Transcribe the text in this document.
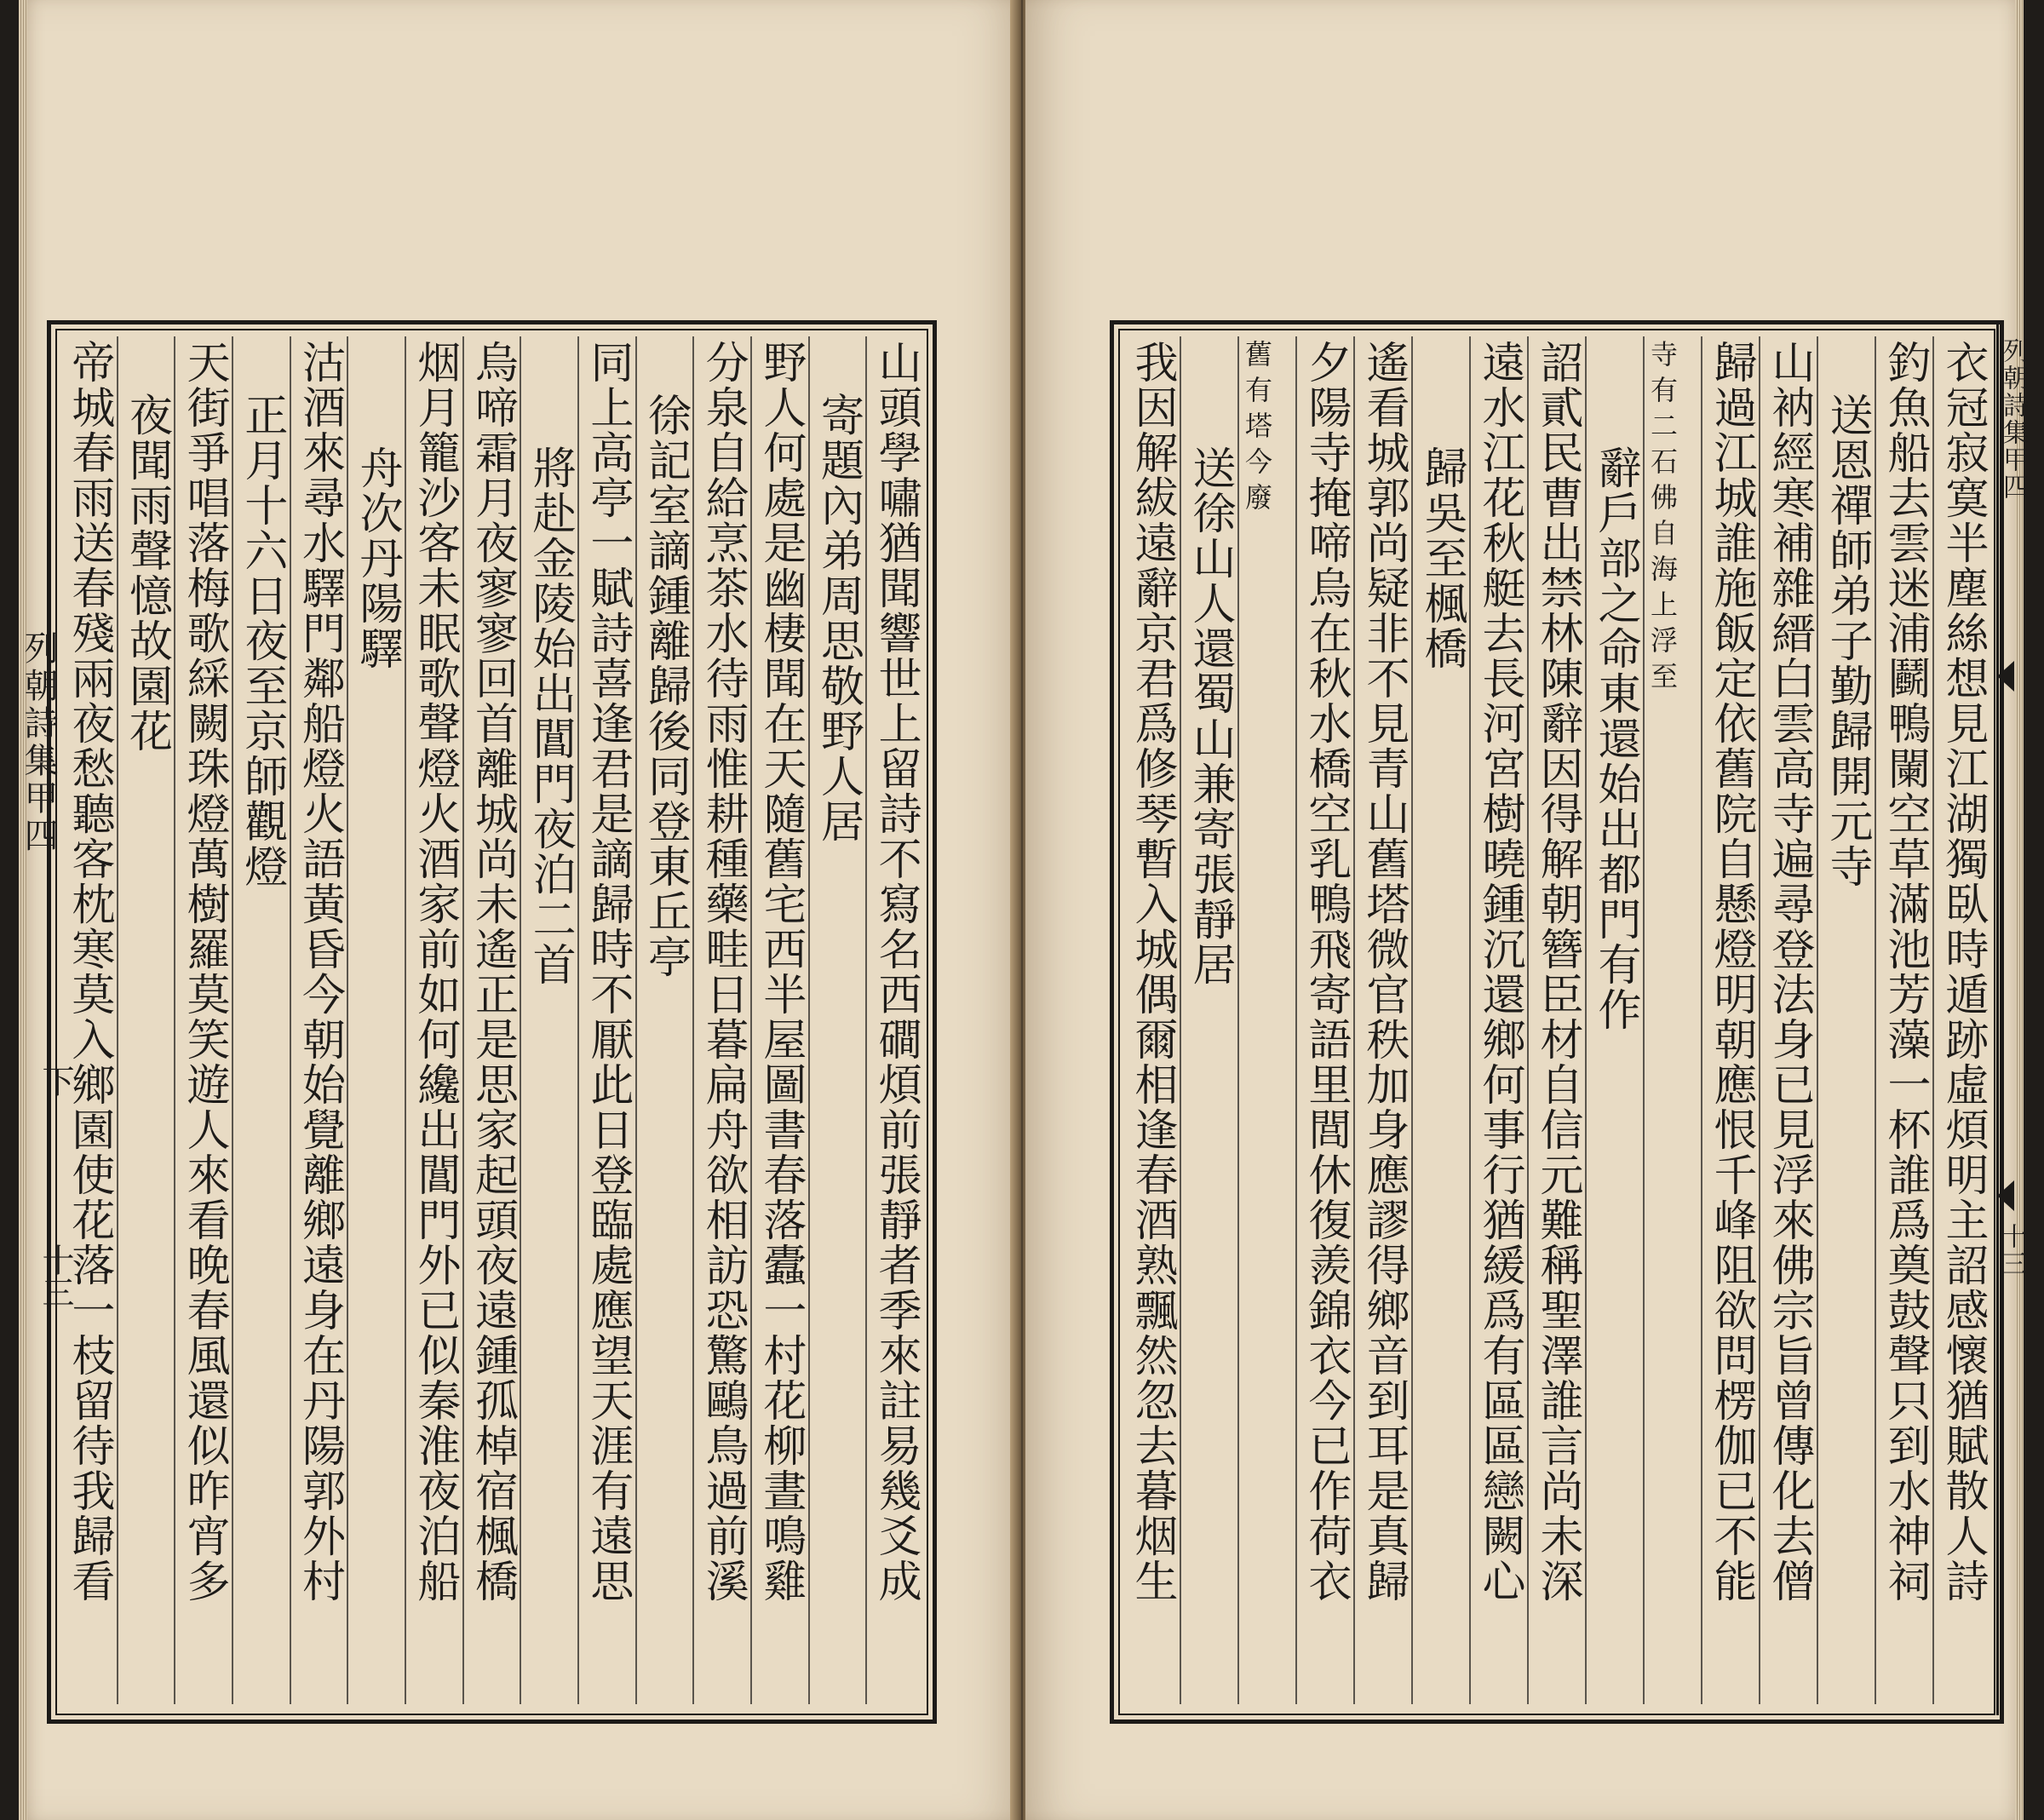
山頭學嘯猶聞響世上留詩不寫名西磵煩前張靜者季來註易幾爻成
寄題內弟周思敬野人居
野人何處是幽棲聞在天隨舊宅西半屋圖書春落蠹一村花柳晝鳴雞
分泉自給烹茶水待雨惟耕種藥畦日暮扁舟欲相訪恐驚鷗鳥過前溪
徐記室謫鍾離歸後同登東丘亭
同上高亭一賦詩喜逢君是謫歸時不厭此日登臨處應望天涯有遠思
將赴金陵始出閶門夜泊二首
烏啼霜月夜寥寥回首離城尚未遙正是思家起頭夜遠鍾孤棹宿楓橋
烟月籠沙客未眠歌聲燈火酒家前如何纔出閶門外已似秦淮夜泊船
舟次丹陽驛
沽酒來尋水驛門鄰船燈火語黃昏今朝始覺離鄉遠身在丹陽郭外村
正月十六日夜至京師觀燈
天街爭唱落梅歌綵闕珠燈萬樹羅莫笑遊人來看晚春風還似昨宵多
夜聞雨聲憶故園花
帝城春雨送春殘兩夜愁聽客枕寒莫入鄉園使花落一枝留待我歸看
列朝詩集甲四
下
十三	衣冠寂寞半塵絲想見江湖獨臥時遁跡虛煩明主詔感懷猶賦散人詩
釣魚船去雲迷浦鬬鴨闌空草滿池芳藻一杯誰爲奠鼓聲只到水神祠
送恩禪師弟子勤歸開元寺
山衲經寒補雜縉白雲高寺遍尋登法身已見浮來佛宗旨曾傳化去僧
歸過江城誰施飯定依舊院自懸燈明朝應恨千峰阻欲問楞伽已不能
寺有二石佛自海上浮至
辭戶部之命東還始出都門有作
詔貳民曹出禁林陳辭因得解朝簪臣材自信元難稱聖澤誰言尚未深
遠水江花秋艇去長河宮樹曉鍾沉還鄉何事行猶緩爲有區區戀闕心
歸吳至楓橋
遙看城郭尚疑非不見青山舊塔微官秩加身應謬得鄉音到耳是真歸
夕陽寺掩啼烏在秋水橋空乳鴨飛寄語里閭休復羨錦衣今已作荷衣
舊有塔今廢
送徐山人還蜀山兼寄張靜居
我因解紱遠辭京君爲修琴暫入城偶爾相逢春酒熟飄然忽去暮烟生	列朝詩集甲四
十三
